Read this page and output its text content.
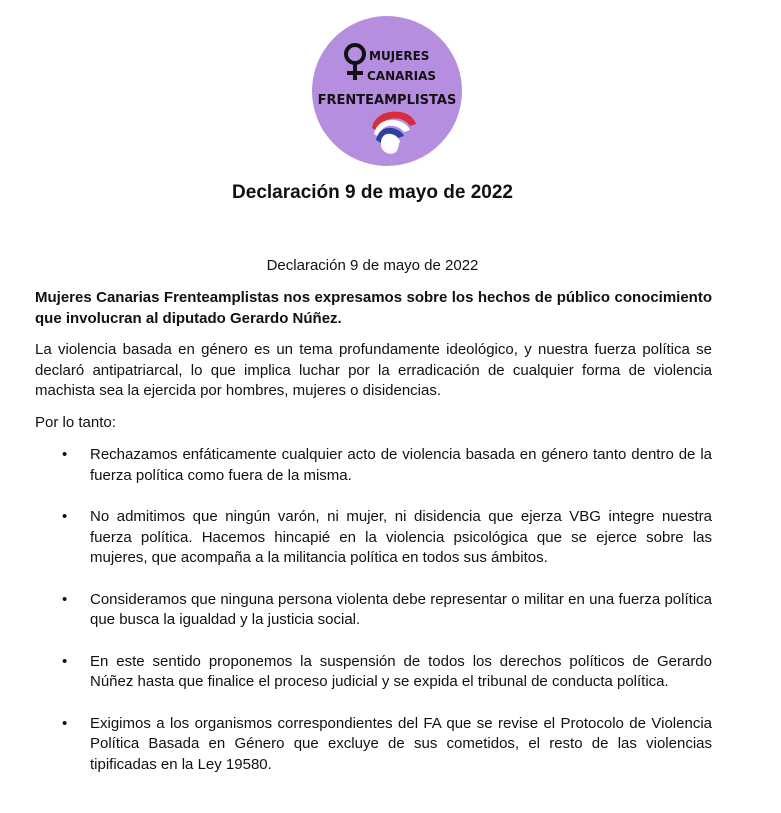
MUJERES
CANARIAS
FRENTEAMPLISTAS
Declaración 9 de mayo de 2022
Declaración 9 de mayo de 2022

Mujeres Canarias Frenteamplistas nos expresamos sobre los hechos de público conocimiento que involucran al diputado Gerardo Núñez.

La violencia basada en género es un tema profundamente ideológico, y nuestra fuerza política se declaró antipatriarcal, lo que implica luchar por la erradicación de cualquier forma de violencia machista sea la ejercida por hombres, mujeres o disidencias.

Por lo tanto:

• Rechazamos enfáticamente cualquier acto de violencia basada en género tanto dentro de la fuerza política como fuera de la misma.
• No admitimos que ningún varón, ni mujer, ni disidencia que ejerza VBG integre nuestra fuerza política. Hacemos hincapié en la violencia psicológica que se ejerce sobre las mujeres, que acompaña a la militancia política en todos sus ámbitos.
• Consideramos que ninguna persona violenta debe representar o militar en una fuerza política que busca la igualdad y la justicia social.
• En este sentido proponemos la suspensión de todos los derechos políticos de Gerardo Núñez hasta que finalice el proceso judicial y se expida el tribunal de conducta política.
• Exigimos a los organismos correspondientes del FA que se revise el Protocolo de Violencia Política Basada en Género que excluye de sus cometidos, el resto de las violencias tipificadas en la Ley 19580.
